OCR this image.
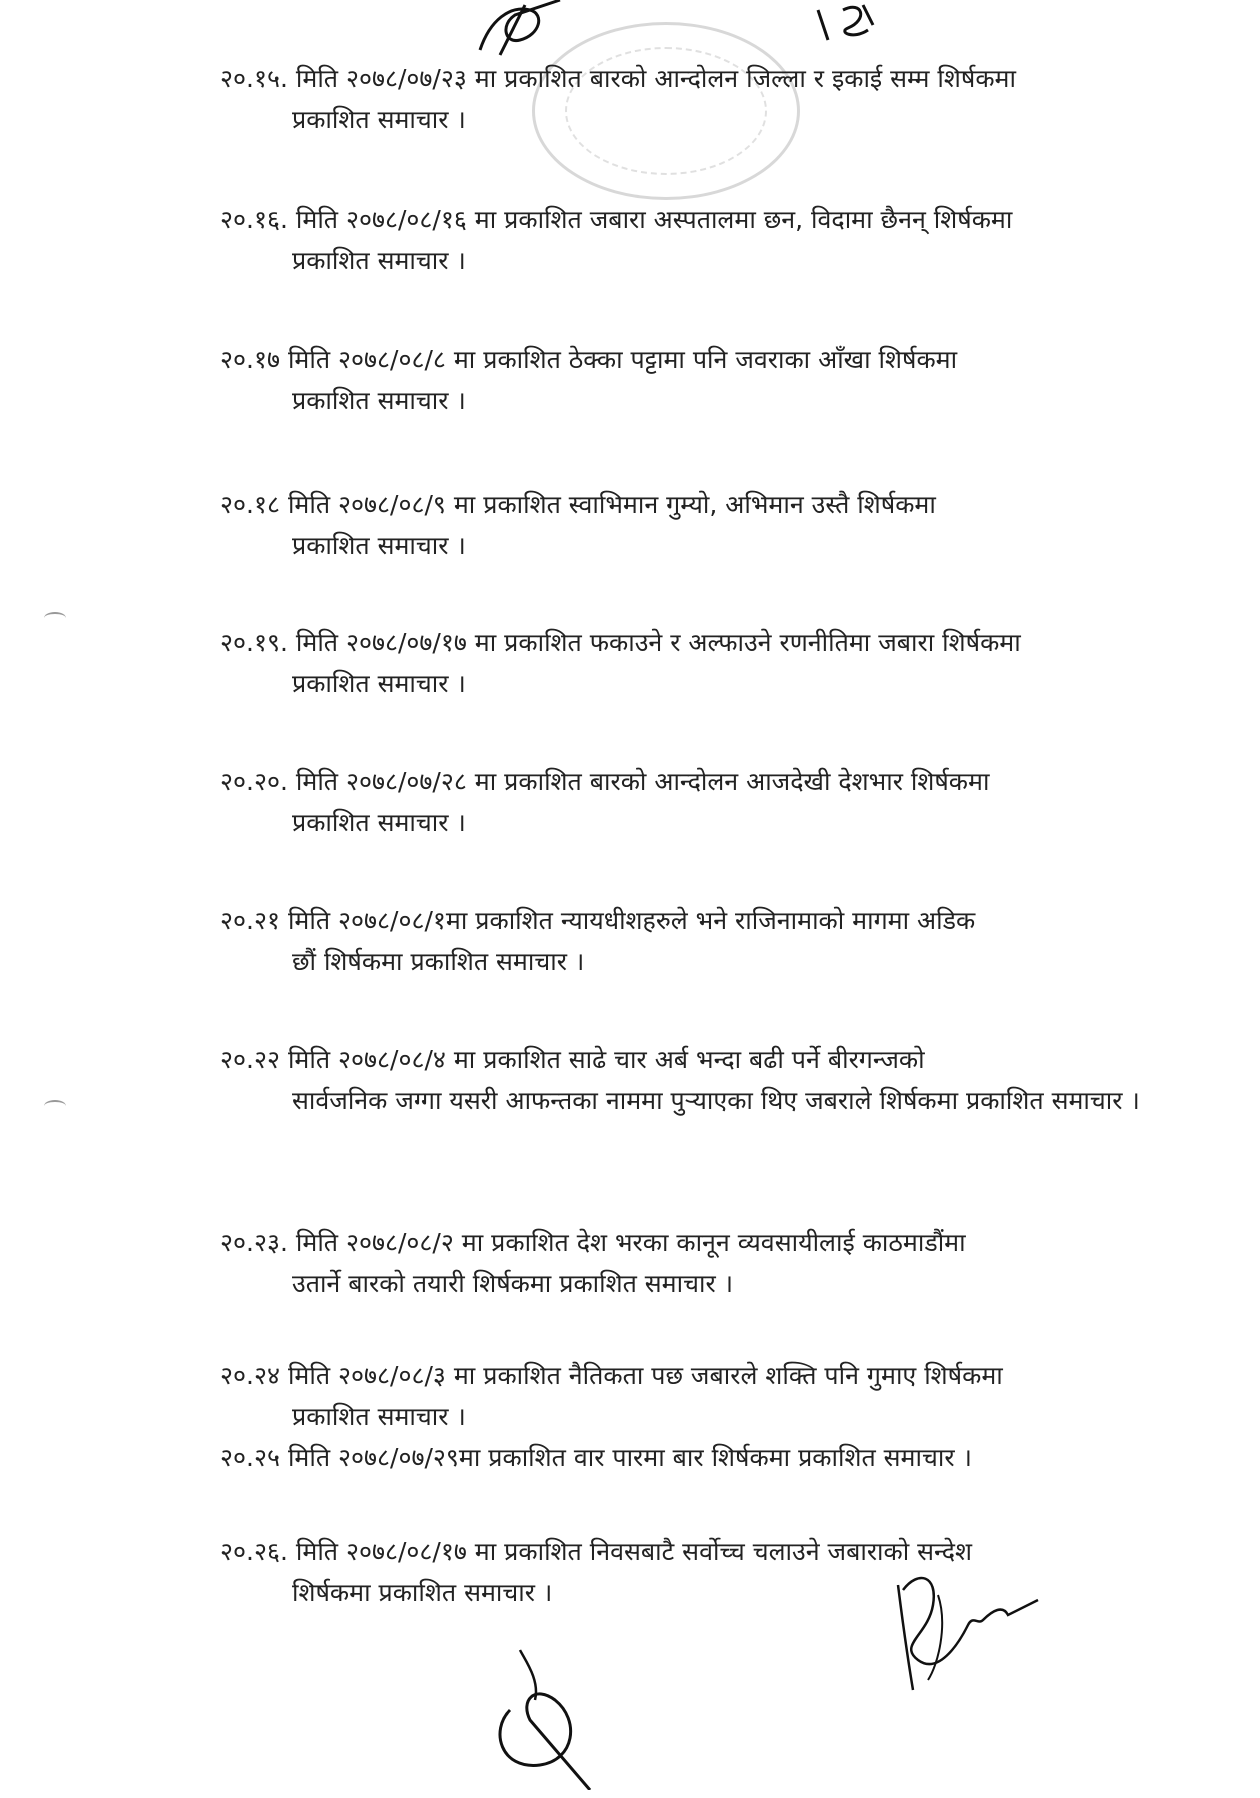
२०.१५. मिति २०७८/०७/२३ मा प्रकाशित बारको आन्दोलन जिल्ला र इकाई सम्म शिर्षकमा
प्रकाशित समाचार ।
२०.१६. मिति २०७८/०८/१६ मा प्रकाशित जबारा अस्पतालमा छन, विदामा छैनन् शिर्षकमा
प्रकाशित समाचार ।
२०.१७ मिति २०७८/०८/८ मा प्रकाशित ठेक्का पट्टामा पनि जवराका आँखा शिर्षकमा
प्रकाशित समाचार ।
२०.१८ मिति २०७८/०८/९ मा प्रकाशित स्वाभिमान गुम्यो, अभिमान उस्तै शिर्षकमा
प्रकाशित समाचार ।
२०.१९. मिति २०७८/०७/१७ मा प्रकाशित फकाउने र अल्फाउने रणनीतिमा जबारा शिर्षकमा
प्रकाशित समाचार ।
२०.२०. मिति २०७८/०७/२८ मा प्रकाशित बारको आन्दोलन आजदेखी देशभार शिर्षकमा
प्रकाशित समाचार ।
२०.२१ मिति २०७८/०८/१मा प्रकाशित न्यायधीशहरुले भने राजिनामाको मागमा अडिक
छौं शिर्षकमा प्रकाशित समाचार ।
२०.२२ मिति २०७८/०८/४ मा प्रकाशित साढे चार अर्ब भन्दा बढी पर्ने बीरगन्जको
सार्वजनिक जग्गा यसरी आफन्तका नाममा पुऱ्याएका थिए जबराले शिर्षकमा प्रकाशित समाचार ।
२०.२३. मिति २०७८/०८/२ मा प्रकाशित देश भरका कानून व्यवसायीलाई काठमाडौंमा
उतार्ने बारको तयारी शिर्षकमा प्रकाशित समाचार ।
२०.२४ मिति २०७८/०८/३ मा प्रकाशित नैतिकता पछ जबारले शक्ति पनि गुमाए शिर्षकमा
प्रकाशित समाचार ।
२०.२५ मिति २०७८/०७/२९मा प्रकाशित वार पारमा बार शिर्षकमा प्रकाशित समाचार ।
२०.२६. मिति २०७८/०८/१७ मा प्रकाशित निवसबाटै सर्वोच्च चलाउने जबाराको सन्देश
शिर्षकमा प्रकाशित समाचार ।
